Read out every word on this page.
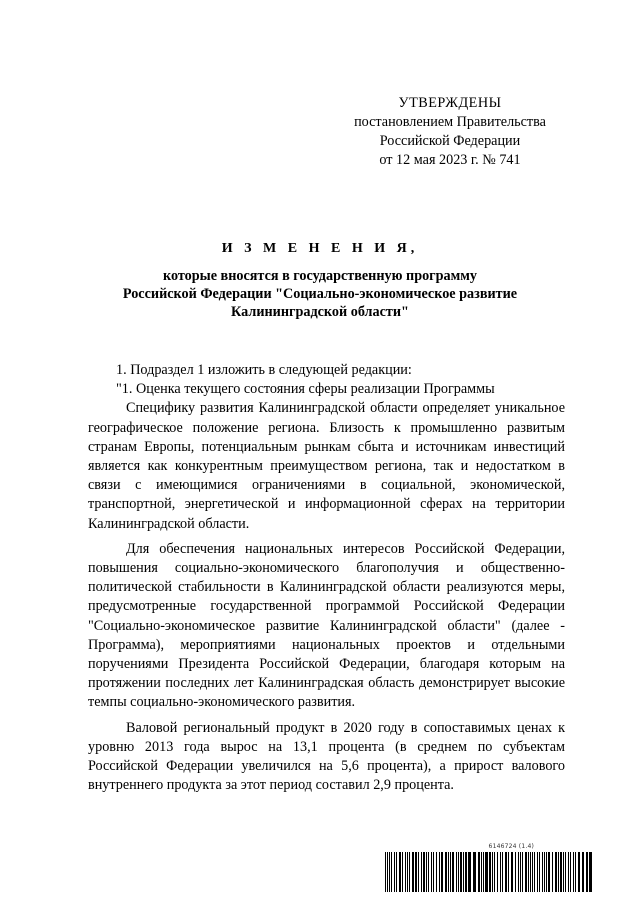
УТВЕРЖДЕНЫ
постановлением Правительства
Российской Федерации
от 12 мая 2023 г. № 741
И З М Е Н Е Н И Я,
которые вносятся в государственную программу
Российской Федерации "Социально-экономическое развитие
Калининградской области"

1. Подраздел 1 изложить в следующей редакции:

"1. Оценка текущего состояния сферы реализации Программы

Специфику развития Калининградской области определяет уникальное географическое положение региона. Близость к промышленно развитым странам Европы, потенциальным рынкам сбыта и источникам инвестиций является как конкурентным преимуществом региона, так и недостатком в связи с имеющимися ограничениями в социальной, экономической, транспортной, энергетической и информационной сферах на территории Калининградской области.

Для обеспечения национальных интересов Российской Федерации, повышения социально-экономического благополучия и общественно-политической стабильности в Калининградской области реализуются меры, предусмотренные государственной программой Российской Федерации "Социально-экономическое развитие Калининградской области" (далее - Программа), мероприятиями национальных проектов и отдельными поручениями Президента Российской Федерации, благодаря которым на протяжении последних лет Калининградская область демонстрирует высокие темпы социально-экономического развития.

Валовой региональный продукт в 2020 году в сопоставимых ценах к уровню 2013 года вырос на 13,1 процента (в среднем по субъектам Российской Федерации увеличился на 5,6 процента), а прирост валового внутреннего продукта за этот период составил 2,9 процента.

6146724 (1.4)
